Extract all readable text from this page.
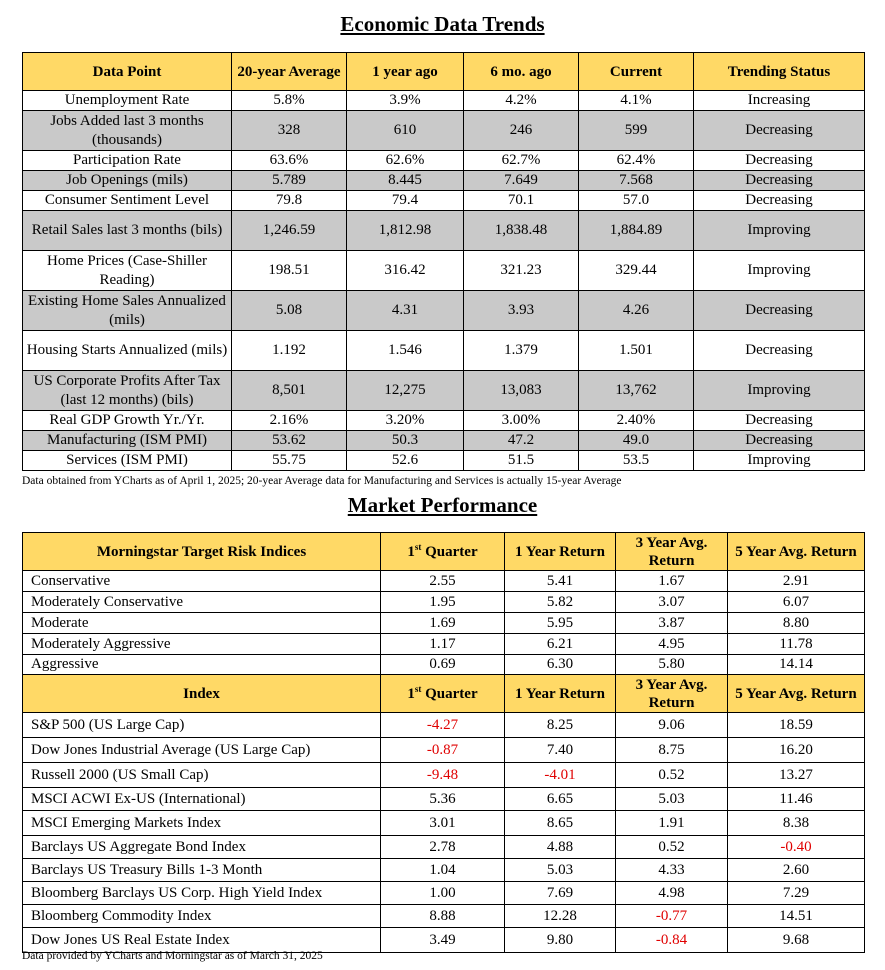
Economic Data Trends
Data Point	20-year Average	1 year ago	6 mo. ago	Current	Trending Status
Unemployment Rate	5.8%	3.9%	4.2%	4.1%	Increasing
Jobs Added last 3 months (thousands)	328	610	246	599	Decreasing
Participation Rate	63.6%	62.6%	62.7%	62.4%	Decreasing
Job Openings (mils)	5.789	8.445	7.649	7.568	Decreasing
Consumer Sentiment Level	79.8	79.4	70.1	57.0	Decreasing
Retail Sales last 3 months (bils)	1,246.59	1,812.98	1,838.48	1,884.89	Improving
Home Prices (Case-Shiller Reading)	198.51	316.42	321.23	329.44	Improving
Existing Home Sales Annualized (mils)	5.08	4.31	3.93	4.26	Decreasing
Housing Starts Annualized (mils)	1.192	1.546	1.379	1.501	Decreasing
US Corporate Profits After Tax (last 12 months) (bils)	8,501	12,275	13,083	13,762	Improving
Real GDP Growth Yr./Yr.	2.16%	3.20%	3.00%	2.40%	Decreasing
Manufacturing (ISM PMI)	53.62	50.3	47.2	49.0	Decreasing
Services (ISM PMI)	55.75	52.6	51.5	53.5	Improving

Data obtained from YCharts as of April 1, 2025; 20-year Average data for Manufacturing and Services is actually 15-year Average

Market Performance
Morningstar Target Risk Indices	1st Quarter	1 Year Return	3 Year Avg. Return	5 Year Avg. Return
Conservative	2.55	5.41	1.67	2.91
Moderately Conservative	1.95	5.82	3.07	6.07
Moderate	1.69	5.95	3.87	8.80
Moderately Aggressive	1.17	6.21	4.95	11.78
Aggressive	0.69	6.30	5.80	14.14
Index	1st Quarter	1 Year Return	3 Year Avg. Return	5 Year Avg. Return
S&P 500 (US Large Cap)	-4.27	8.25	9.06	18.59
Dow Jones Industrial Average (US Large Cap)	-0.87	7.40	8.75	16.20
Russell 2000 (US Small Cap)	-9.48	-4.01	0.52	13.27
MSCI ACWI Ex-US (International)	5.36	6.65	5.03	11.46
MSCI Emerging Markets Index	3.01	8.65	1.91	8.38
Barclays US Aggregate Bond Index	2.78	4.88	0.52	-0.40
Barclays US Treasury Bills 1-3 Month	1.04	5.03	4.33	2.60
Bloomberg Barclays US Corp. High Yield Index	1.00	7.69	4.98	7.29
Bloomberg Commodity Index	8.88	12.28	-0.77	14.51
Dow Jones US Real Estate Index	3.49	9.80	-0.84	9.68

Data provided by YCharts and Morningstar as of March 31, 2025
